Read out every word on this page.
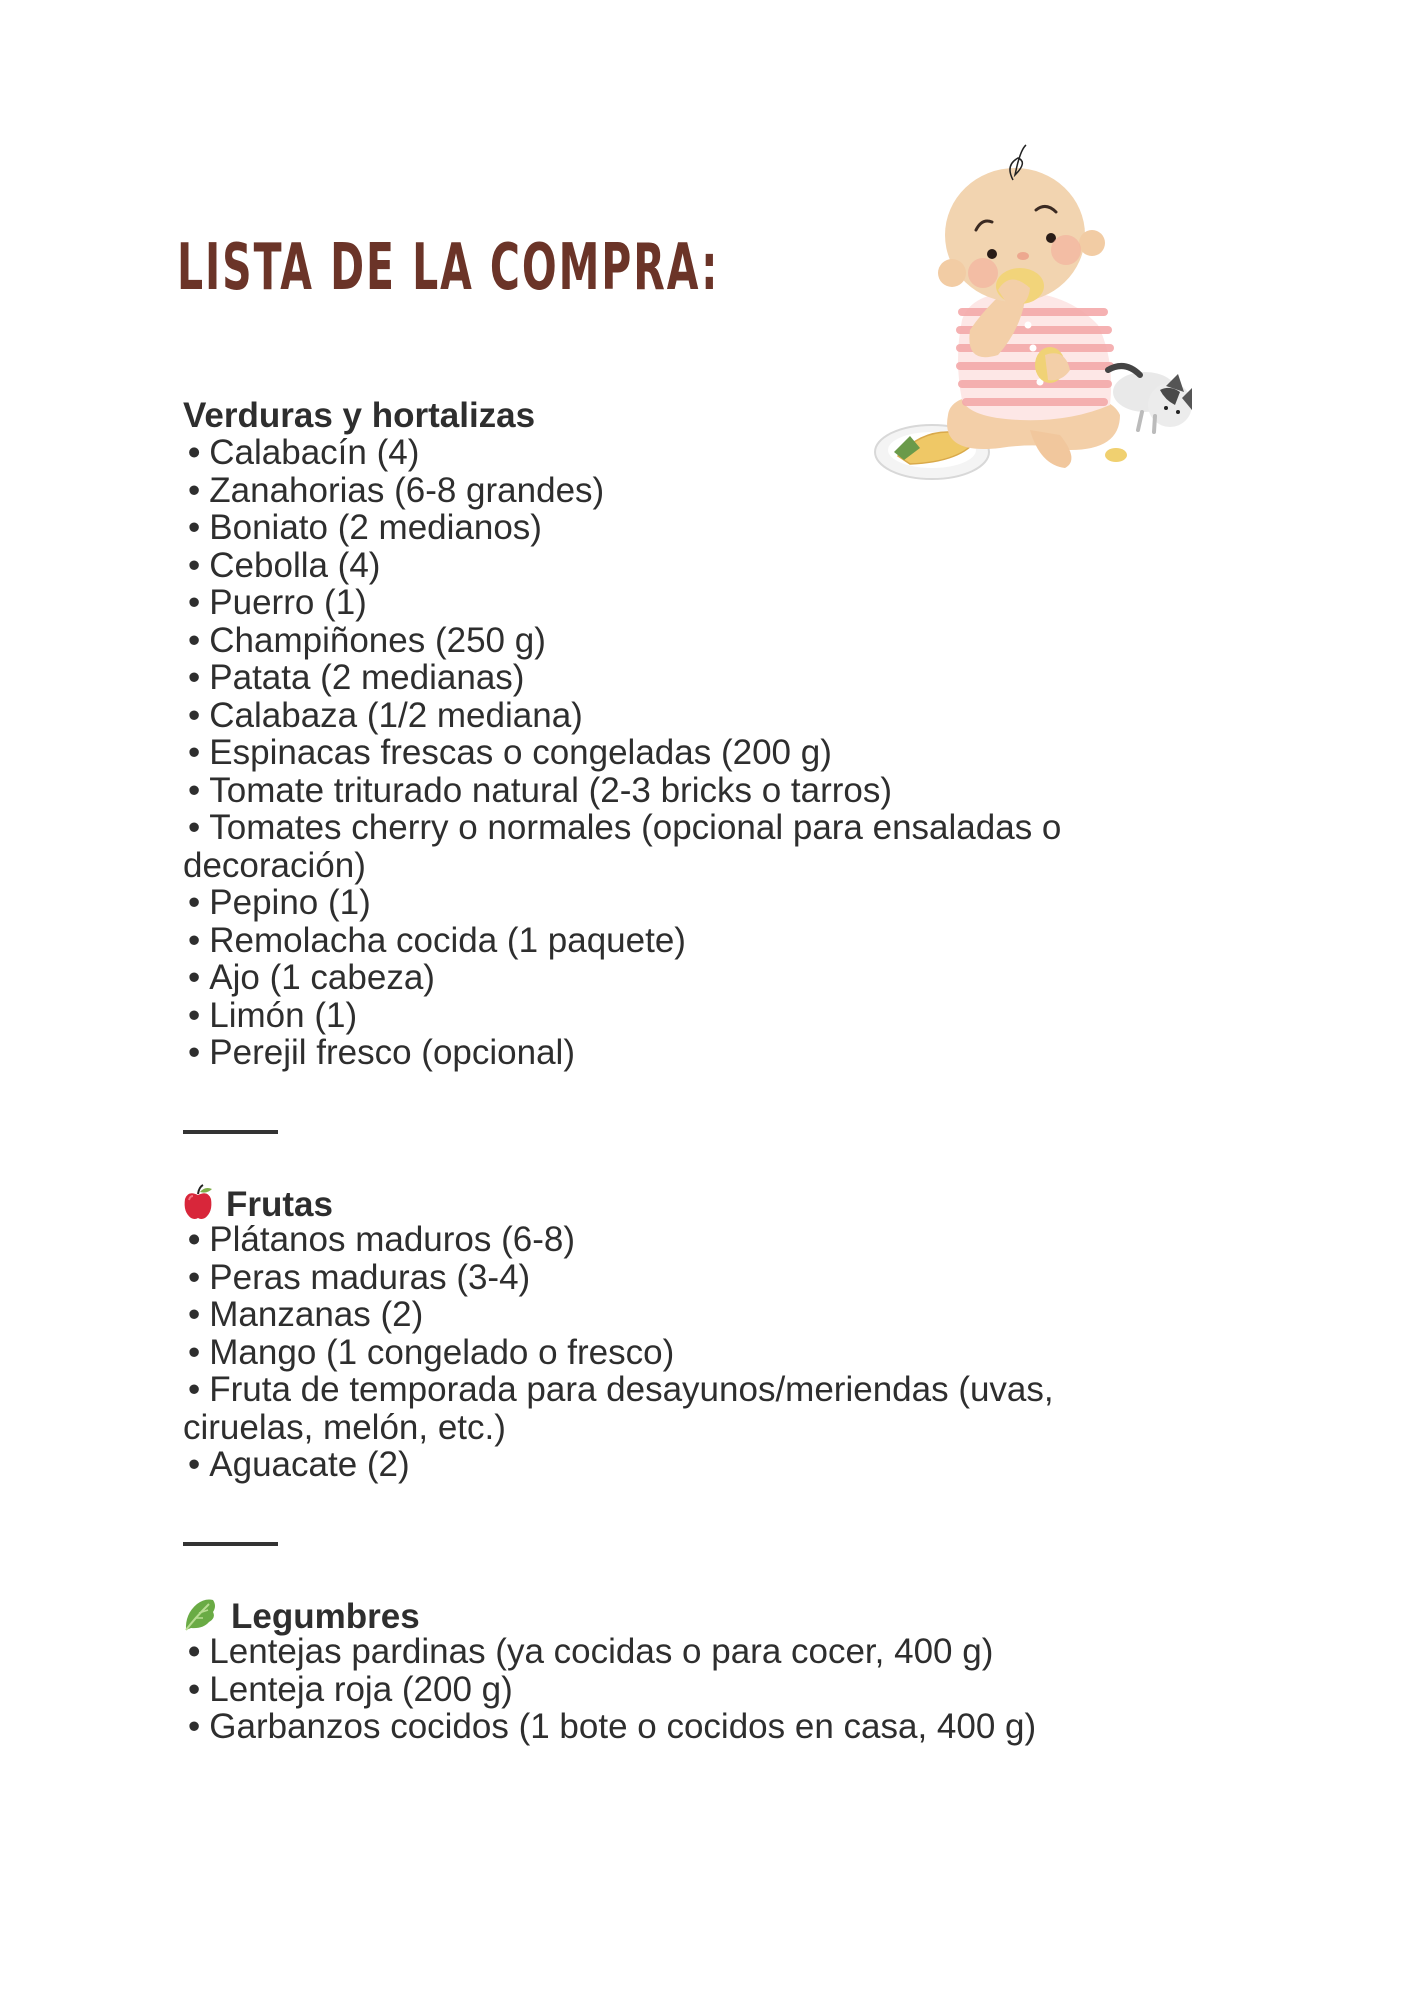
LISTA DE LA COMPRA:
Verduras y hortalizas
• Calabacín (4)
• Zanahorias (6-8 grandes)
• Boniato (2 medianos)
• Cebolla (4)
• Puerro (1)
• Champiñones (250 g)
• Patata (2 medianas)
• Calabaza (1/2 mediana)
• Espinacas frescas o congeladas (200 g)
• Tomate triturado natural (2-3 bricks o tarros)
• Tomates cherry o normales (opcional para ensaladas o
decoración)
• Pepino (1)
• Remolacha cocida (1 paquete)
• Ajo (1 cabeza)
• Limón (1)
• Perejil fresco (opcional)
Frutas
• Plátanos maduros (6-8)
• Peras maduras (3-4)
• Manzanas (2)
• Mango (1 congelado o fresco)
• Fruta de temporada para desayunos/meriendas (uvas,
ciruelas, melón, etc.)
• Aguacate (2)
Legumbres
• Lentejas pardinas (ya cocidas o para cocer, 400 g)
• Lenteja roja (200 g)
• Garbanzos cocidos (1 bote o cocidos en casa, 400 g)
